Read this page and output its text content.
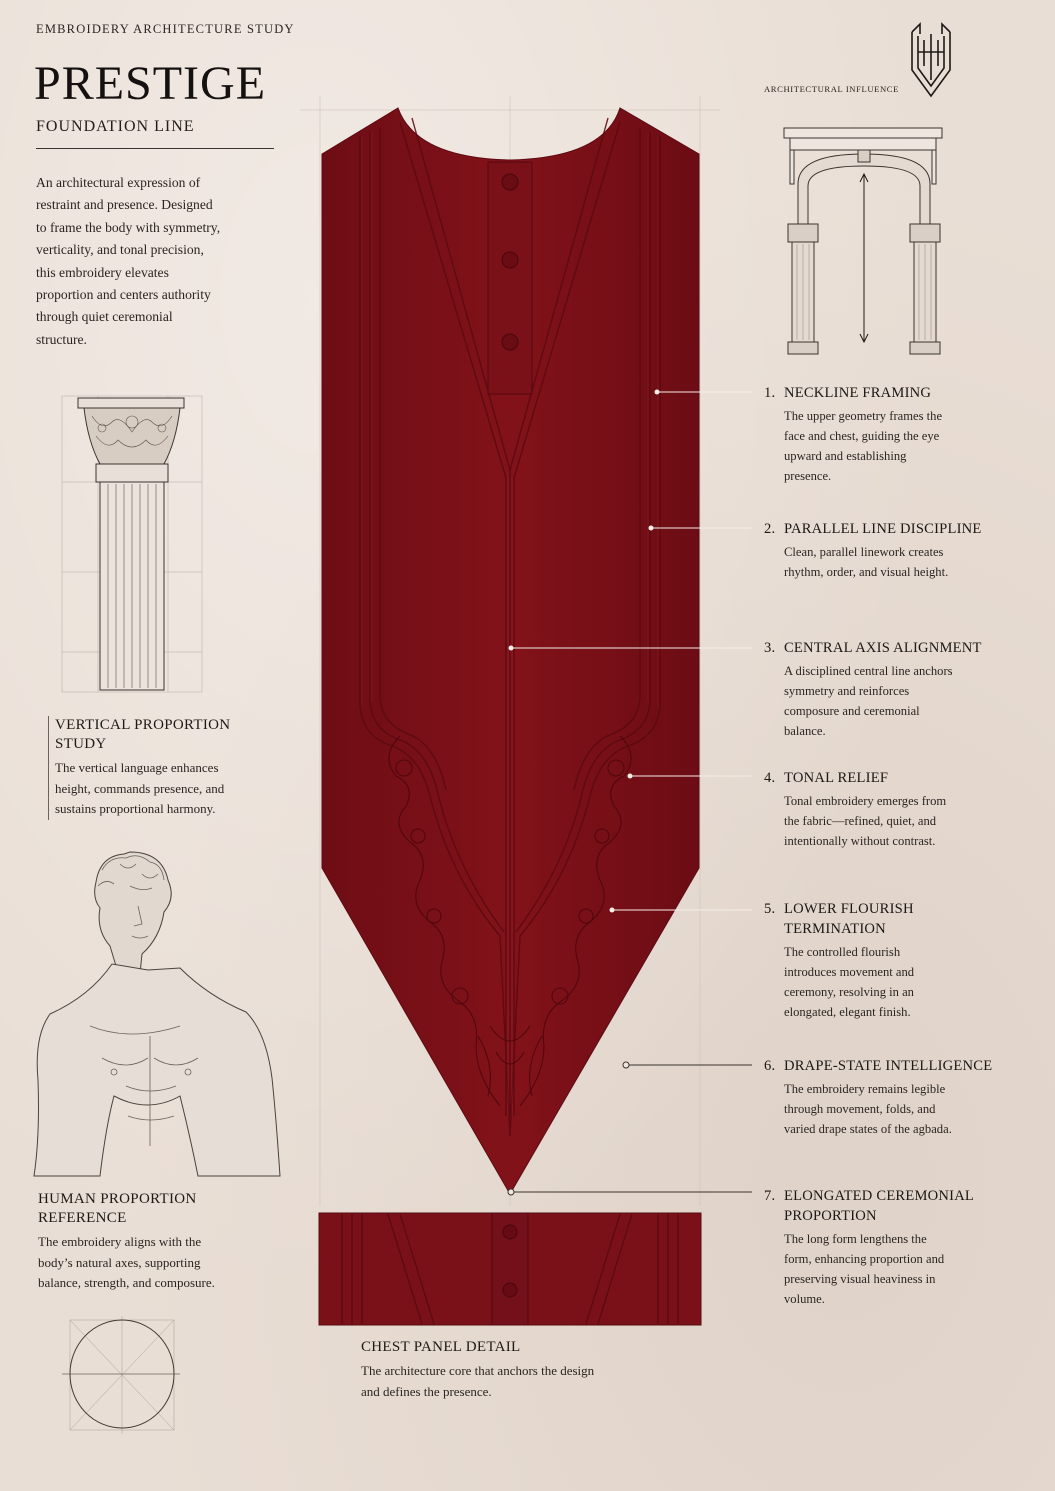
EMBROIDERY ARCHITECTURE STUDY
PRESTIGE
FOUNDATION LINE
An architectural expression of restraint and presence. Designed to frame the body with symmetry, verticality, and tonal precision, this embroidery elevates proportion and centers authority through quiet ceremonial structure.
ARCHITECTURAL INFLUENCE
VERTICAL PROPORTION STUDY
The vertical language enhances height, commands presence, and sustains proportional harmony.
HUMAN PROPORTION REFERENCE
The embroidery aligns with the body’s natural axes, supporting balance, strength, and composure.
CHEST PANEL DETAIL
The architecture core that anchors the design and defines the presence.
1. NECKLINE FRAMING
The upper geometry frames the face and chest, guiding the eye upward and establishing presence.
2. PARALLEL LINE DISCIPLINE
Clean, parallel linework creates rhythm, order, and visual height.
3. CENTRAL AXIS ALIGNMENT
A disciplined central line anchors symmetry and reinforces composure and ceremonial balance.
4. TONAL RELIEF
Tonal embroidery emerges from the fabric—refined, quiet, and intentionally without contrast.
5. LOWER FLOURISH TERMINATION
The controlled flourish introduces movement and ceremony, resolving in an elongated, elegant finish.
6. DRAPE-STATE INTELLIGENCE
The embroidery remains legible through movement, folds, and varied drape states of the agbada.
7. ELONGATED CEREMONIAL PROPORTION
The long form lengthens the form, enhancing proportion and preserving visual heaviness in volume.
